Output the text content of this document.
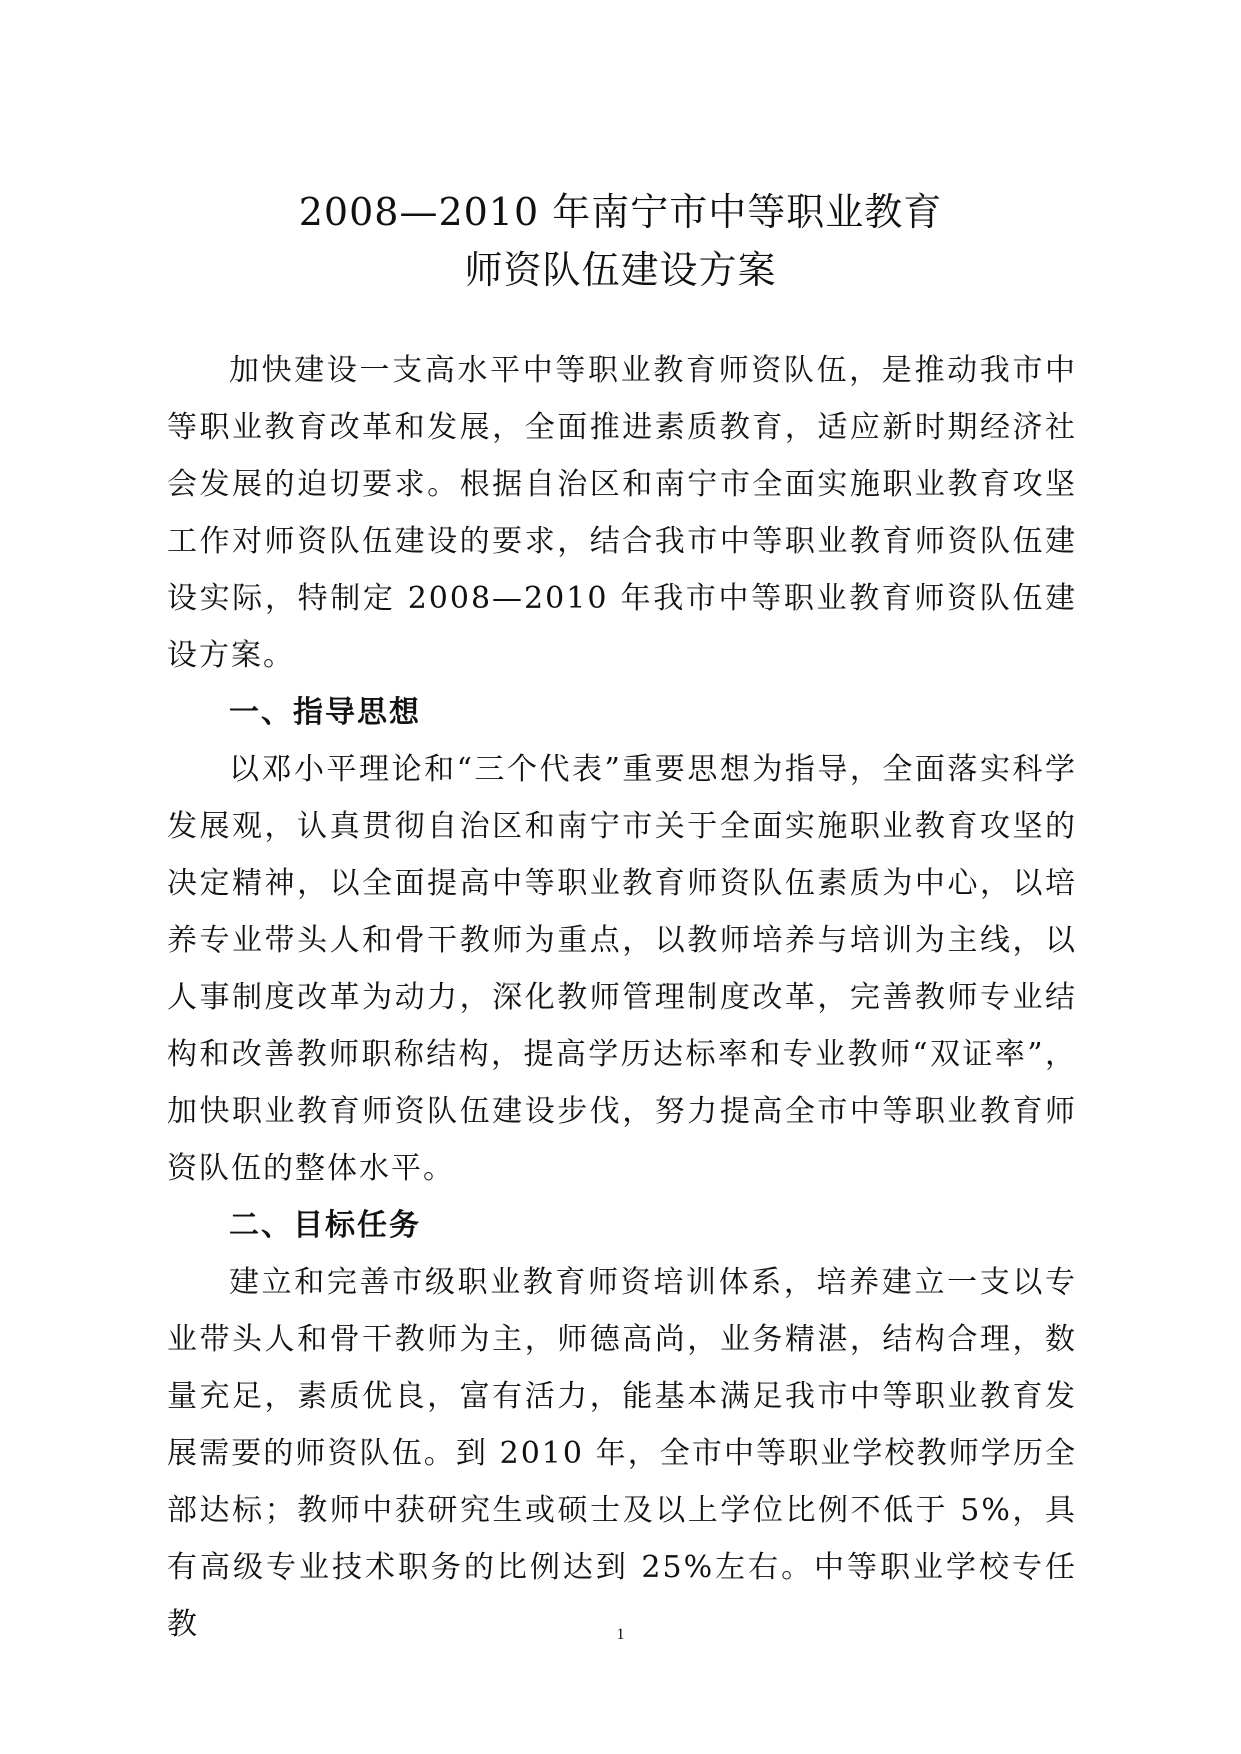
2008—2010 年南宁市中等职业教育
师资队伍建设方案

加快建设一支高水平中等职业教育师资队伍，是推动我市中等职业教育改革和发展，全面推进素质教育，适应新时期经济社会发展的迫切要求。根据自治区和南宁市全面实施职业教育攻坚工作对师资队伍建设的要求，结合我市中等职业教育师资队伍建设实际，特制定 2008—2010 年我市中等职业教育师资队伍建设方案。

一、指导思想

以邓小平理论和“三个代表”重要思想为指导，全面落实科学发展观，认真贯彻自治区和南宁市关于全面实施职业教育攻坚的决定精神，以全面提高中等职业教育师资队伍素质为中心，以培养专业带头人和骨干教师为重点，以教师培养与培训为主线，以人事制度改革为动力，深化教师管理制度改革，完善教师专业结构和改善教师职称结构，提高学历达标率和专业教师“双证率”，加快职业教育师资队伍建设步伐，努力提高全市中等职业教育师资队伍的整体水平。

二、目标任务

建立和完善市级职业教育师资培训体系，培养建立一支以专业带头人和骨干教师为主，师德高尚，业务精湛，结构合理，数量充足，素质优良，富有活力，能基本满足我市中等职业教育发展需要的师资队伍。到 2010 年，全市中等职业学校教师学历全部达标；教师中获研究生或硕士及以上学位比例不低于 5%，具有高级专业技术职务的比例达到 25%左右。中等职业学校专任教	1
